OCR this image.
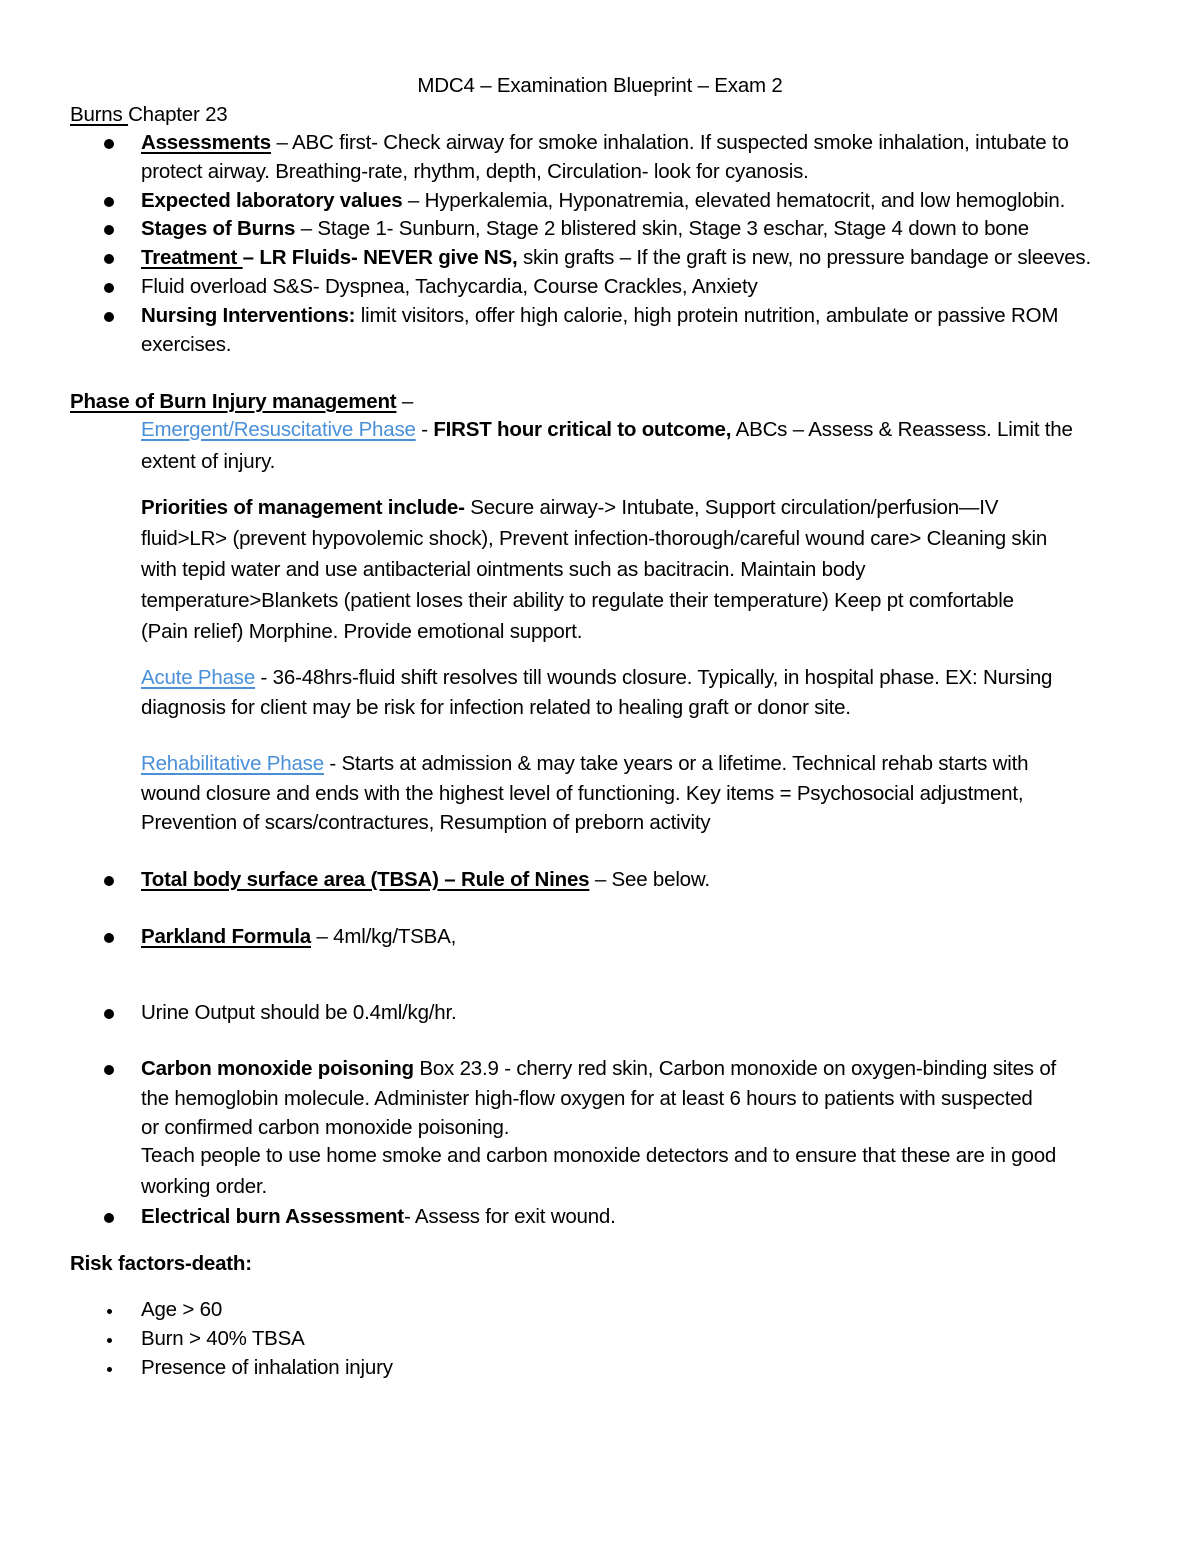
MDC4 – Examination Blueprint – Exam 2
Burns Chapter 23
Assessments – ABC first- Check airway for smoke inhalation. If suspected smoke inhalation, intubate to
protect airway. Breathing-rate, rhythm, depth, Circulation- look for cyanosis.
Expected laboratory values – Hyperkalemia, Hyponatremia, elevated hematocrit, and low hemoglobin.
Stages of Burns – Stage 1- Sunburn, Stage 2 blistered skin, Stage 3 eschar, Stage 4 down to bone
Treatment – LR Fluids- NEVER give NS, skin grafts – If the graft is new, no pressure bandage or sleeves.
Fluid overload S&S- Dyspnea, Tachycardia, Course Crackles, Anxiety
Nursing Interventions: limit visitors, offer high calorie, high protein nutrition, ambulate or passive ROM
exercises.
Phase of Burn Injury management –
Emergent/Resuscitative Phase - FIRST hour critical to outcome, ABCs – Assess & Reassess. Limit the
extent of injury.
Priorities of management include- Secure airway-> Intubate, Support circulation/perfusion—IV
fluid>LR> (prevent hypovolemic shock), Prevent infection-thorough/careful wound care> Cleaning skin
with tepid water and use antibacterial ointments such as bacitracin. Maintain body
temperature>Blankets (patient loses their ability to regulate their temperature) Keep pt comfortable
(Pain relief) Morphine. Provide emotional support.
Acute Phase - 36-48hrs-fluid shift resolves till wounds closure. Typically, in hospital phase. EX: Nursing
diagnosis for client may be risk for infection related to healing graft or donor site.
Rehabilitative Phase - Starts at admission & may take years or a lifetime. Technical rehab starts with
wound closure and ends with the highest level of functioning. Key items = Psychosocial adjustment,
Prevention of scars/contractures, Resumption of preborn activity
Total body surface area (TBSA) – Rule of Nines – See below.
Parkland Formula – 4ml/kg/TSBA,
Urine Output should be 0.4ml/kg/hr.
Carbon monoxide poisoning Box 23.9 - cherry red skin, Carbon monoxide on oxygen-binding sites of
the hemoglobin molecule. Administer high-flow oxygen for at least 6 hours to patients with suspected
or confirmed carbon monoxide poisoning.
Teach people to use home smoke and carbon monoxide detectors and to ensure that these are in good
working order.
Electrical burn Assessment- Assess for exit wound.
Risk factors-death:
Age > 60
Burn > 40% TBSA
Presence of inhalation injury
